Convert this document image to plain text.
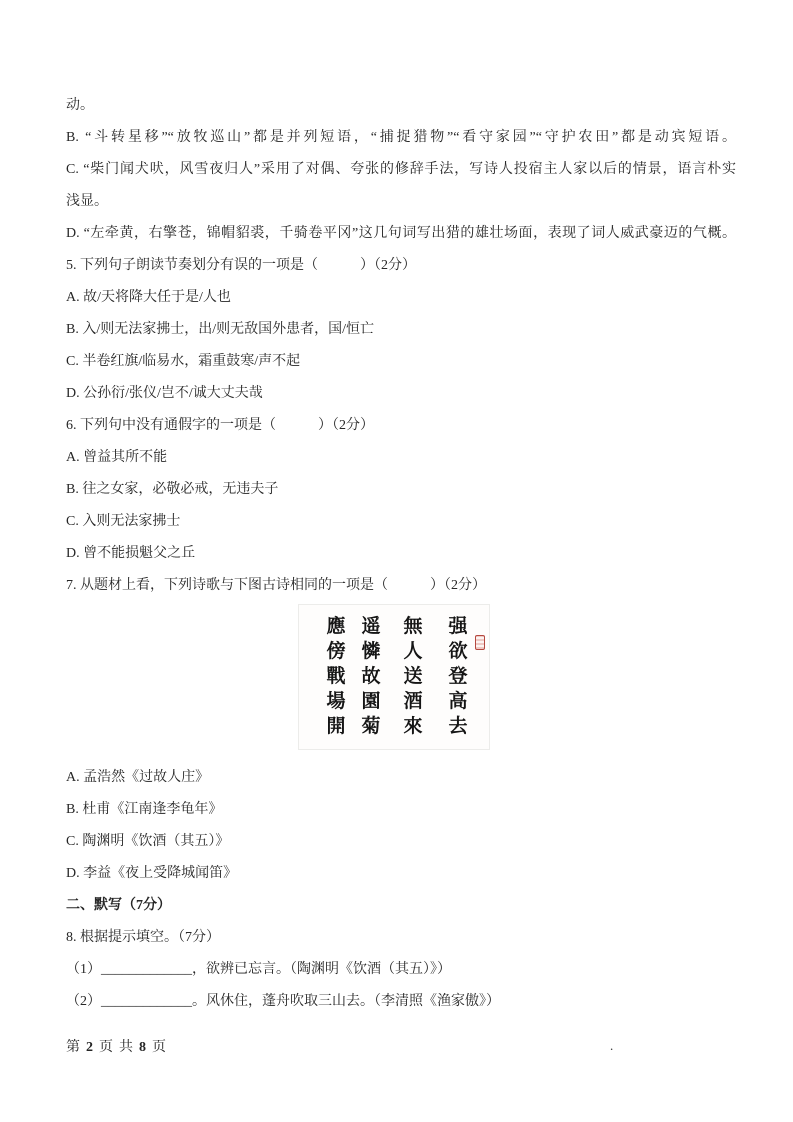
动。
B. “斗转星移”“放牧巡山”都是并列短语，“捕捉猎物”“看守家园”“守护农田”都是动宾短语。
C. “柴门闻犬吠，风雪夜归人”采用了对偶、夸张的修辞手法，写诗人投宿主人家以后的情景，语言朴实
浅显。
D. “左牵黄，右擎苍，锦帽貂裘，千骑卷平冈”这几句词写出猎的雄壮场面，表现了词人威武豪迈的气概。
5. 下列句子朗读节奏划分有误的一项是（　　　）（2分）
A. 故/天将降大任于是/人也
B. 入/则无法家拂士，出/则无敌国外患者，国/恒亡
C. 半卷红旗/临易水，霜重鼓寒/声不起
D. 公孙衍/张仪/岂不/诚大丈夫哉
6. 下列句中没有通假字的一项是（　　　）（2分）
A. 曾益其所不能
B. 往之女家，必敬必戒，无违夫子
C. 入则无法家拂士
D. 曾不能损魁父之丘
7. 从题材上看，下列诗歌与下图古诗相同的一项是（　　　）（2分）
强
欲
登
高
去
無
人
送
酒
來
遥
憐
故
園
菊
應
傍
戰
場
開
A. 孟浩然《过故人庄》
B. 杜甫《江南逢李龟年》
C. 陶渊明《饮酒（其五）》
D. 李益《夜上受降城闻笛》
二、默写（7分）
8. 根据提示填空。（7分）
（1）_____________，欲辨已忘言。（陶渊明《饮酒（其五）》）
（2）_____________。风休住，蓬舟吹取三山去。（李清照《渔家傲》）
第 2 页 共 8 页	.
